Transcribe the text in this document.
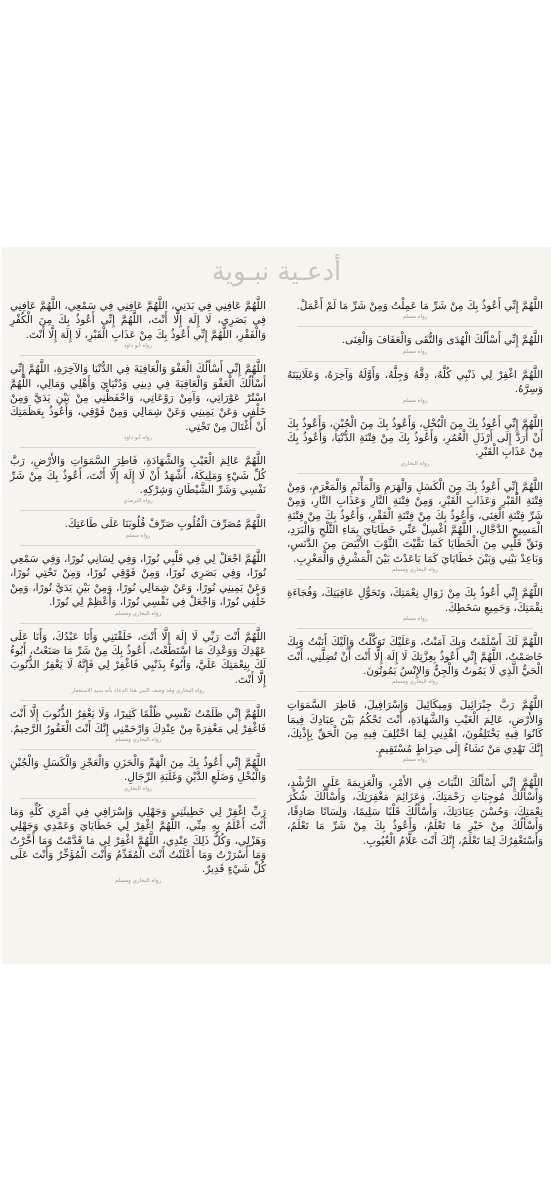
أدعـية نبـوية

اللَّهُمَّ إِنِّي أَعُوذُ بِكَ مِنْ شَرِّ مَا عَمِلْتُ وَمِنْ شَرِّ مَا لَمْ أَعْمَلْ.

رواه مسلم

اللَّهُمَّ إِنِّي أَسْأَلُكَ الْهُدَى وَالتُّقَى وَالْعَفَافَ وَالْغِنَى.

رواه مسلم

اللَّهُمَّ اغْفِرْ لِي ذَنْبِي كُلَّهُ، دِقَّهُ وَجِلَّهُ، وَأَوَّلَهُ وَآخِرَهُ، وَعَلَانِيَتَهُ وَسِرَّهُ.

رواه مسلم

اللَّهُمَّ إِنِّي أَعُوذُ بِكَ مِنَ الْبُخْلِ، وَأَعُوذُ بِكَ مِنَ الْجُبْنِ، وَأَعُوذُ بِكَ أَنْ أُرَدَّ إِلَى أَرْذَلِ الْعُمُرِ، وَأَعُوذُ بِكَ مِنْ فِتْنَةِ الدُّنْيَا، وَأَعُوذُ بِكَ مِنْ عَذَابِ الْقَبْرِ.

رواه البخاري

اللَّهُمَّ إِنِّي أَعُوذُ بِكَ مِنَ الْكَسَلِ وَالْهَرَمِ وَالْمَأْثَمِ وَالْمَغْرَمِ، وَمِنْ فِتْنَةِ الْقَبْرِ وَعَذَابِ الْقَبْرِ، وَمِنْ فِتْنَةِ النَّارِ وَعَذَابِ النَّارِ، وَمِنْ شَرِّ فِتْنَةِ الْغِنَى، وَأَعُوذُ بِكَ مِنْ فِتْنَةِ الْفَقْرِ، وَأَعُوذُ بِكَ مِنْ فِتْنَةِ الْمَسِيحِ الدَّجَّالِ، اللَّهُمَّ اغْسِلْ عَنِّي خَطَايَايَ بِمَاءِ الثَّلْجِ وَالْبَرَدِ، وَنَقِّ قَلْبِي مِنَ الْخَطَايَا كَمَا نَقَّيْتَ الثَّوْبَ الأَبْيَضَ مِنَ الدَّنَسِ، وَبَاعِدْ بَيْنِي وَبَيْنَ خَطَايَايَ كَمَا بَاعَدْتَ بَيْنَ الْمَشْرِقِ وَالْمَغْرِبِ.

رواه البخاري ومسلم

اللَّهُمَّ إِنِّي أَعُوذُ بِكَ مِنْ زَوَالِ نِعْمَتِكَ، وَتَحَوُّلِ عَافِيَتِكَ، وَفُجَاءَةِ نِقْمَتِكَ، وَجَمِيعِ سَخَطِكَ.

رواه مسلم

اللَّهُمَّ لَكَ أَسْلَمْتُ وَبِكَ آمَنْتُ، وَعَلَيْكَ تَوَكَّلْتُ وَإِلَيْكَ أَنَبْتُ وَبِكَ خَاصَمْتُ، اللَّهُمَّ إِنِّي أَعُوذُ بِعِزَّتِكَ لَا إِلَهَ إِلَّا أَنْتَ أَنْ تُضِلَّنِي، أَنْتَ الْحَيُّ الَّذِي لَا يَمُوتُ وَالْجِنُّ وَالإِنْسُ يَمُوتُونَ.

رواه البخاري ومسلم

اللَّهُمَّ رَبَّ جِبْرَائِيلَ وَمِيكَائِيلَ وَإِسْرَافِيلَ، فَاطِرَ السَّمَوَاتِ وَالأَرْضِ، عَالِمَ الْغَيْبِ وَالشَّهَادَةِ، أَنْتَ تَحْكُمُ بَيْنَ عِبَادِكَ فِيمَا كَانُوا فِيهِ يَخْتَلِفُونَ، اهْدِنِي لِمَا اخْتُلِفَ فِيهِ مِنَ الْحَقِّ بِإِذْنِكَ، إِنَّكَ تَهْدِي مَنْ تَشَاءُ إِلَى صِرَاطٍ مُسْتَقِيمٍ.

رواه مسلم

اللَّهُمَّ إِنِّي أَسْأَلُكَ الثَّبَاتَ فِي الأَمْرِ، وَالْعَزِيمَةَ عَلَى الرُّشْدِ، وَأَسْأَلُكَ مُوجِبَاتِ رَحْمَتِكَ، وَعَزَائِمَ مَغْفِرَتِكَ، وَأَسْأَلُكَ شُكْرَ نِعْمَتِكَ، وَحُسْنَ عِبَادَتِكَ، وَأَسْأَلُكَ قَلْبًا سَلِيمًا، وَلِسَانًا صَادِقًا، وَأَسْأَلُكَ مِنْ خَيْرِ مَا تَعْلَمُ، وَأَعُوذُ بِكَ مِنْ شَرِّ مَا تَعْلَمُ، وَأَسْتَغْفِرُكَ لِمَا تَعْلَمُ، إِنَّكَ أَنْتَ عَلَّامُ الْغُيُوبِ.

اللَّهُمَّ عَافِنِي فِي بَدَنِي، اللَّهُمَّ عَافِنِي فِي سَمْعِي، اللَّهُمَّ عَافِنِي فِي بَصَرِي، لَا إِلَهَ إِلَّا أَنْتَ، اللَّهُمَّ إِنِّي أَعُوذُ بِكَ مِنَ الْكُفْرِ وَالْفَقْرِ، اللَّهُمَّ إِنِّي أَعُوذُ بِكَ مِنْ عَذَابِ الْقَبْرِ، لَا إِلَهَ إِلَّا أَنْتَ.

رواه أبو داود

اللَّهُمَّ إِنِّي أَسْأَلُكَ الْعَفْوَ وَالْعَافِيَةَ فِي الدُّنْيَا وَالآخِرَةِ، اللَّهُمَّ إِنِّي أَسْأَلُكَ الْعَفْوَ وَالْعَافِيَةَ فِي دِينِي وَدُنْيَايَ وَأَهْلِي وَمَالِي، اللَّهُمَّ اسْتُرْ عَوْرَاتِي، وَآمِنْ رَوْعَاتِي، وَاحْفَظْنِي مِنْ بَيْنِ يَدَيَّ وَمِنْ خَلْفِي وَعَنْ يَمِينِي وَعَنْ شِمَالِي وَمِنْ فَوْقِي، وَأَعُوذُ بِعَظَمَتِكَ أَنْ أُغْتَالَ مِنْ تَحْتِي.

رواه أبو داود

اللَّهُمَّ عَالِمَ الْغَيْبِ وَالشَّهَادَةِ، فَاطِرَ السَّمَوَاتِ وَالأَرْضِ، رَبَّ كُلِّ شَيْءٍ وَمَلِيكَهُ، أَشْهَدُ أَنْ لَا إِلَهَ إِلَّا أَنْتَ، أَعُوذُ بِكَ مِنْ شَرِّ نَفْسِي وَشَرِّ الشَّيْطَانِ وَشِرْكِهِ.

رواه الترمذي

اللَّهُمَّ مُصَرِّفَ الْقُلُوبِ صَرِّفْ قُلُوبَنَا عَلَى طَاعَتِكَ.

رواه مسلم

اللَّهُمَّ اجْعَلْ لِي فِي قَلْبِي نُورًا، وَفِي لِسَانِي نُورًا، وَفِي سَمْعِي نُورًا، وَفِي بَصَرِي نُورًا، وَمِنْ فَوْقِي نُورًا، وَمِنْ تَحْتِي نُورًا، وَعَنْ يَمِينِي نُورًا، وَعَنْ شِمَالِي نُورًا، وَمِنْ بَيْنِ يَدَيَّ نُورًا، وَمِنْ خَلْفِي نُورًا، وَاجْعَلْ فِي نَفْسِي نُورًا، وَأَعْظِمْ لِي نُورًا.

رواه البخاري ومسلم

اللَّهُمَّ أَنْتَ رَبِّي لَا إِلَهَ إِلَّا أَنْتَ، خَلَقْتَنِي وَأَنَا عَبْدُكَ، وَأَنَا عَلَى عَهْدِكَ وَوَعْدِكَ مَا اسْتَطَعْتُ، أَعُوذُ بِكَ مِنْ شَرِّ مَا صَنَعْتُ، أَبُوءُ لَكَ بِنِعْمَتِكَ عَلَيَّ، وَأَبُوءُ بِذَنْبِي فَاغْفِرْ لِي فَإِنَّهُ لَا يَغْفِرُ الذُّنُوبَ إِلَّا أَنْتَ.

رواه البخاري وقد وصف النبي هذا الدعاء بأنه سيد الاستغفار

اللَّهُمَّ إِنِّي ظَلَمْتُ نَفْسِي ظُلْمًا كَثِيرًا، وَلَا يَغْفِرُ الذُّنُوبَ إِلَّا أَنْتَ فَاغْفِرْ لِي مَغْفِرَةً مِنْ عِنْدِكَ وَارْحَمْنِي إِنَّكَ أَنْتَ الْغَفُورُ الرَّحِيمُ.

رواه البخاري ومسلم

اللَّهُمَّ إِنِّي أَعُوذُ بِكَ مِنَ الْهَمِّ وَالْحَزَنِ وَالْعَجْزِ وَالْكَسَلِ وَالْجُبْنِ وَالْبُخْلِ وَضَلَعِ الدَّيْنِ وَغَلَبَةِ الرِّجَالِ.

رواه البخاري

رَبِّ اغْفِرْ لِي خَطِيئَتِي وَجَهْلِي وَإِسْرَافِي فِي أَمْرِي كُلِّهِ وَمَا أَنْتَ أَعْلَمُ بِهِ مِنِّي، اللَّهُمَّ اغْفِرْ لِي خَطَايَايَ وَعَمْدِي وَجَهْلِي وَهَزْلِي، وَكُلُّ ذَلِكَ عِنْدِي، اللَّهُمَّ اغْفِرْ لِي مَا قَدَّمْتُ وَمَا أَخَّرْتُ وَمَا أَسْرَرْتُ وَمَا أَعْلَنْتُ أَنْتَ الْمُقَدِّمُ وَأَنْتَ الْمُؤَخِّرُ وَأَنْتَ عَلَى كُلِّ شَيْءٍ قَدِيرٌ.

رواه البخاري ومسلم
